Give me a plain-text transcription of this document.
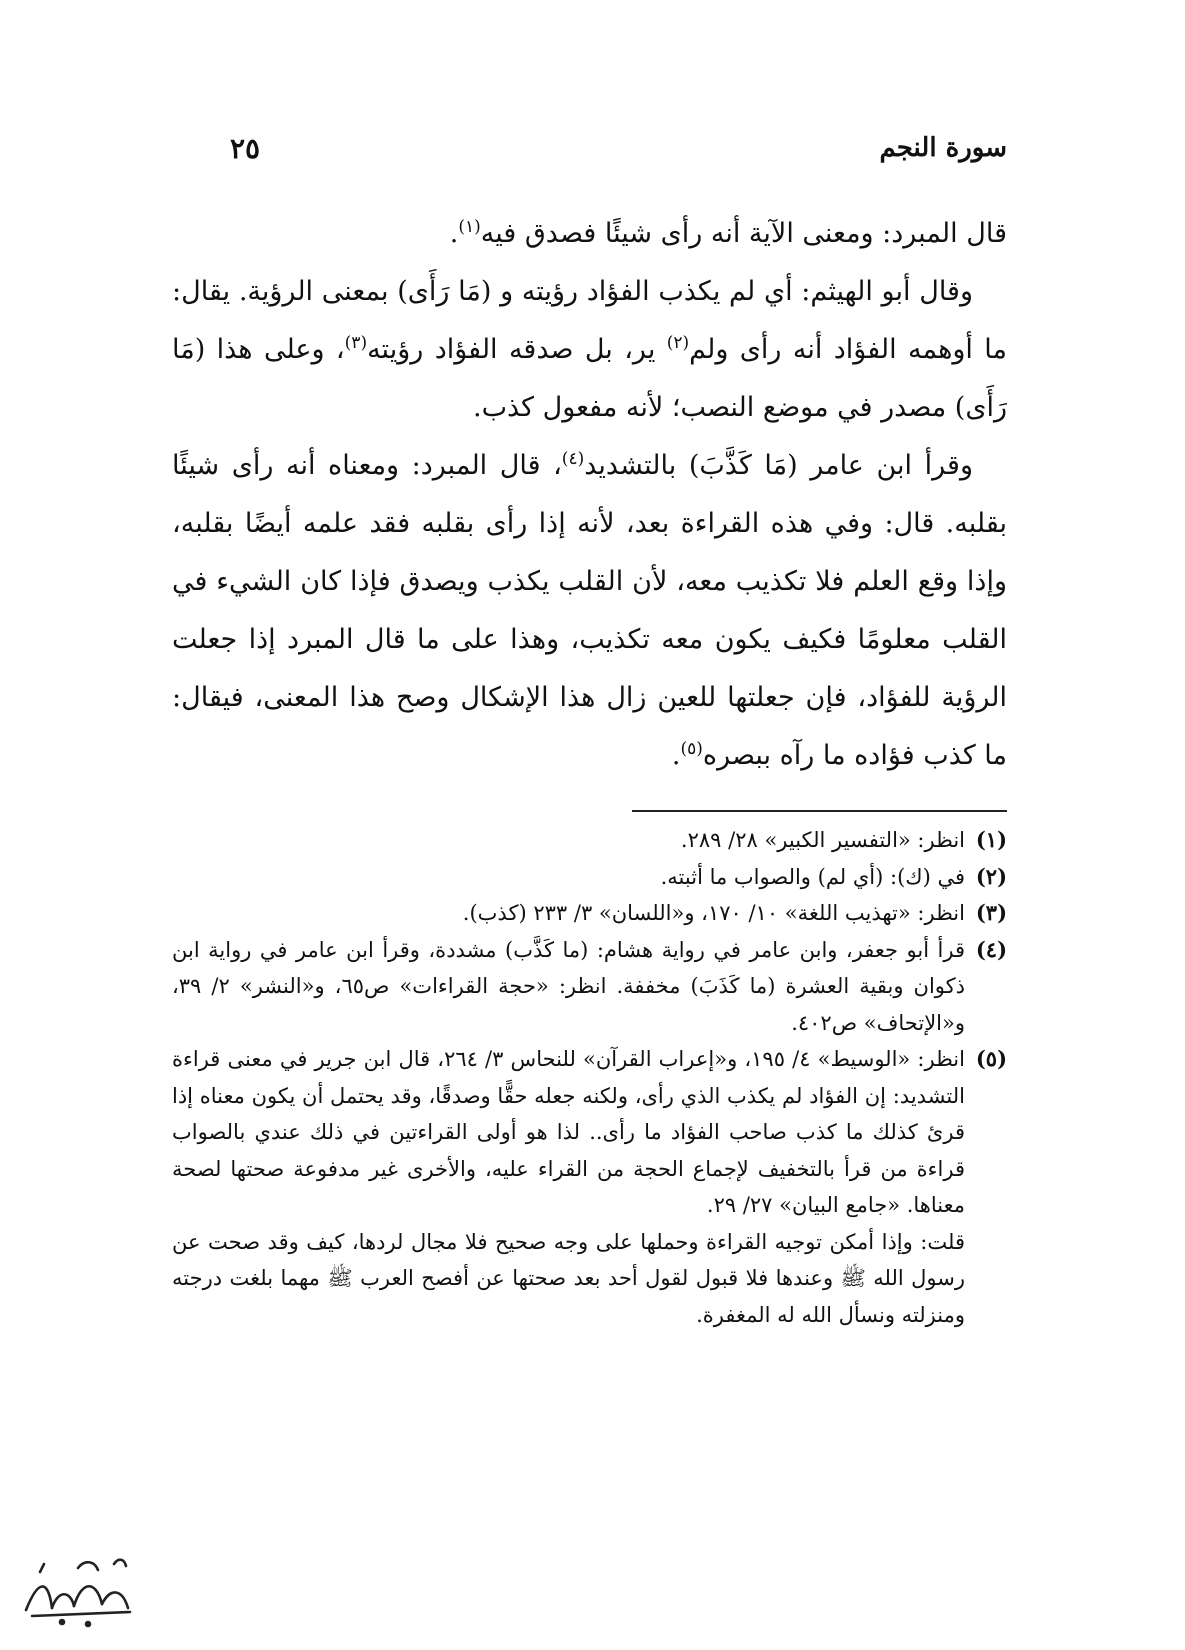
سورة النجم
٢٥

قال المبرد: ومعنى الآية أنه رأى شيئًا فصدق فيه$^{(١)}$.

وقال أبو الهيثم: أي لم يكذب الفؤاد رؤيته و (مَا رَأَى) بمعنى الرؤية. يقال: ما أوهمه الفؤاد أنه رأى ولم$^{(٢)}$ ير، بل صدقه الفؤاد رؤيته$^{(٣)}$، وعلى هذا (مَا رَأَى) مصدر في موضع النصب؛ لأنه مفعول كذب.

وقرأ ابن عامر (مَا كَذَّبَ) بالتشديد$^{(٤)}$، قال المبرد: ومعناه أنه رأى شيئًا بقلبه. قال: وفي هذه القراءة بعد، لأنه إذا رأى بقلبه فقد علمه أيضًا بقلبه، وإذا وقع العلم فلا تكذيب معه، لأن القلب يكذب ويصدق فإذا كان الشيء في القلب معلومًا فكيف يكون معه تكذيب، وهذا على ما قال المبرد إذا جعلت الرؤية للفؤاد، فإن جعلتها للعين زال هذا الإشكال وصح هذا المعنى، فيقال: ما كذب فؤاده ما رآه ببصره$^{(٥)}$.

(١)
انظر: «التفسير الكبير» ٢٨/ ٢٨٩.
(٢)
في (ك): (أي لم) والصواب ما أثبته.
(٣)
انظر: «تهذيب اللغة» ١٠/ ١٧٠، و«اللسان» ٣/ ٢٣٣ (كذب).
(٤)
قرأ أبو جعفر، وابن عامر في رواية هشام: (ما كَذَّب) مشددة، وقرأ ابن عامر في رواية ابن ذكوان وبقية العشرة (ما كَذَبَ) مخففة. انظر: «حجة القراءات» ص٦٥، و«النشر» ٢/ ٣٩، و«الإتحاف» ص٤٠٢.
(٥)
انظر: «الوسيط» ٤/ ١٩٥، و«إعراب القرآن» للنحاس ٣/ ٢٦٤، قال ابن جرير في معنى قراءة التشديد: إن الفؤاد لم يكذب الذي رأى، ولكنه جعله حقًّا وصدقًا، وقد يحتمل أن يكون معناه إذا قرئ كذلك ما كذب صاحب الفؤاد ما رأى.. لذا هو أولى القراءتين في ذلك عندي بالصواب قراءة من قرأ بالتخفيف لإجماع الحجة من القراء عليه، والأخرى غير مدفوعة صحتها لصحة معناها. «جامع البيان» ٢٧/ ٢٩.

قلت: وإذا أمكن توجيه القراءة وحملها على وجه صحيح فلا مجال لردها، كيف وقد صحت عن رسول الله ﷺ وعندها فلا قبول لقول أحد بعد صحتها عن أفصح العرب ﷺ مهما بلغت درجته ومنزلته ونسأل الله له المغفرة.
